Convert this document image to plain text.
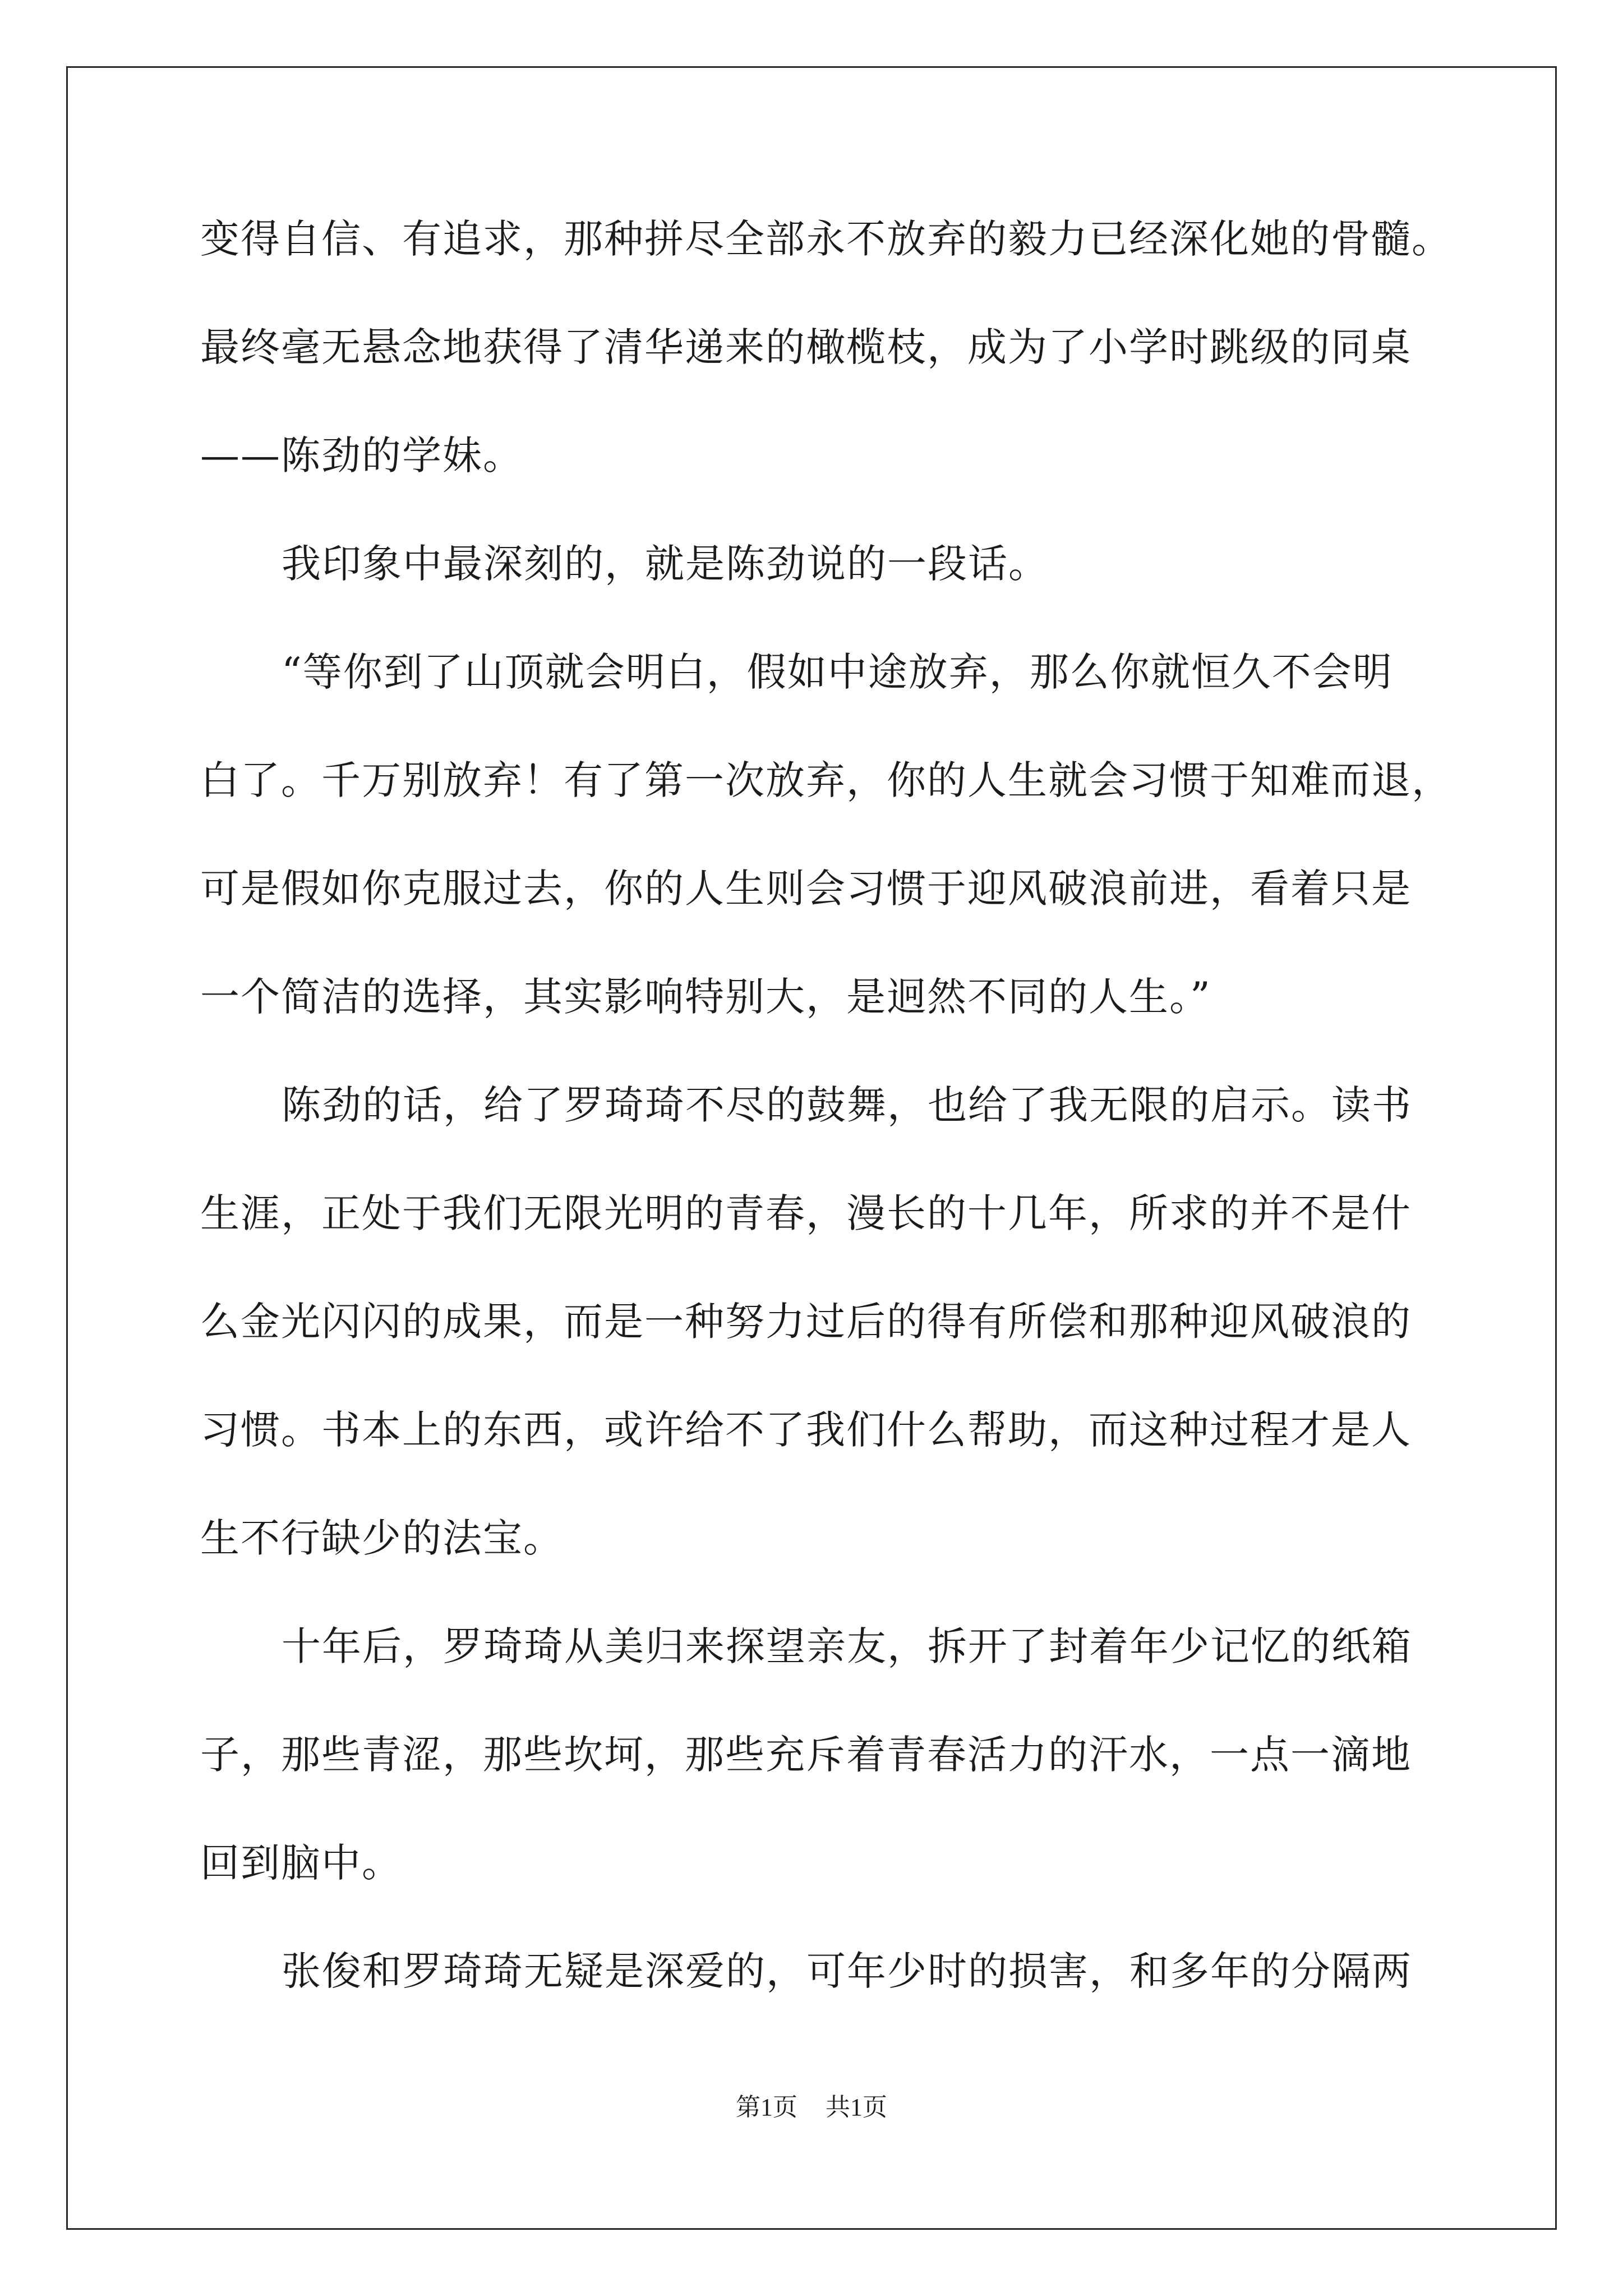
变得自信、有追求，那种拼尽全部永不放弃的毅力已经深化她的骨髓。
最终毫无悬念地获得了清华递来的橄榄枝，成为了小学时跳级的同桌
——陈劲的学妹。
我印象中最深刻的，就是陈劲说的一段话。
“等你到了山顶就会明白，假如中途放弃，那么你就恒久不会明
白了。千万别放弃！有了第一次放弃，你的人生就会习惯于知难而退，
可是假如你克服过去，你的人生则会习惯于迎风破浪前进，看着只是
一个简洁的选择，其实影响特别大，是迥然不同的人生。”
陈劲的话，给了罗琦琦不尽的鼓舞，也给了我无限的启示。读书
生涯，正处于我们无限光明的青春，漫长的十几年，所求的并不是什
么金光闪闪的成果，而是一种努力过后的得有所偿和那种迎风破浪的
习惯。书本上的东西，或许给不了我们什么帮助，而这种过程才是人
生不行缺少的法宝。
十年后，罗琦琦从美归来探望亲友，拆开了封着年少记忆的纸箱
子，那些青涩，那些坎坷，那些充斥着青春活力的汗水，一点一滴地
回到脑中。
张俊和罗琦琦无疑是深爱的，可年少时的损害，和多年的分隔两
第1页 共1页
